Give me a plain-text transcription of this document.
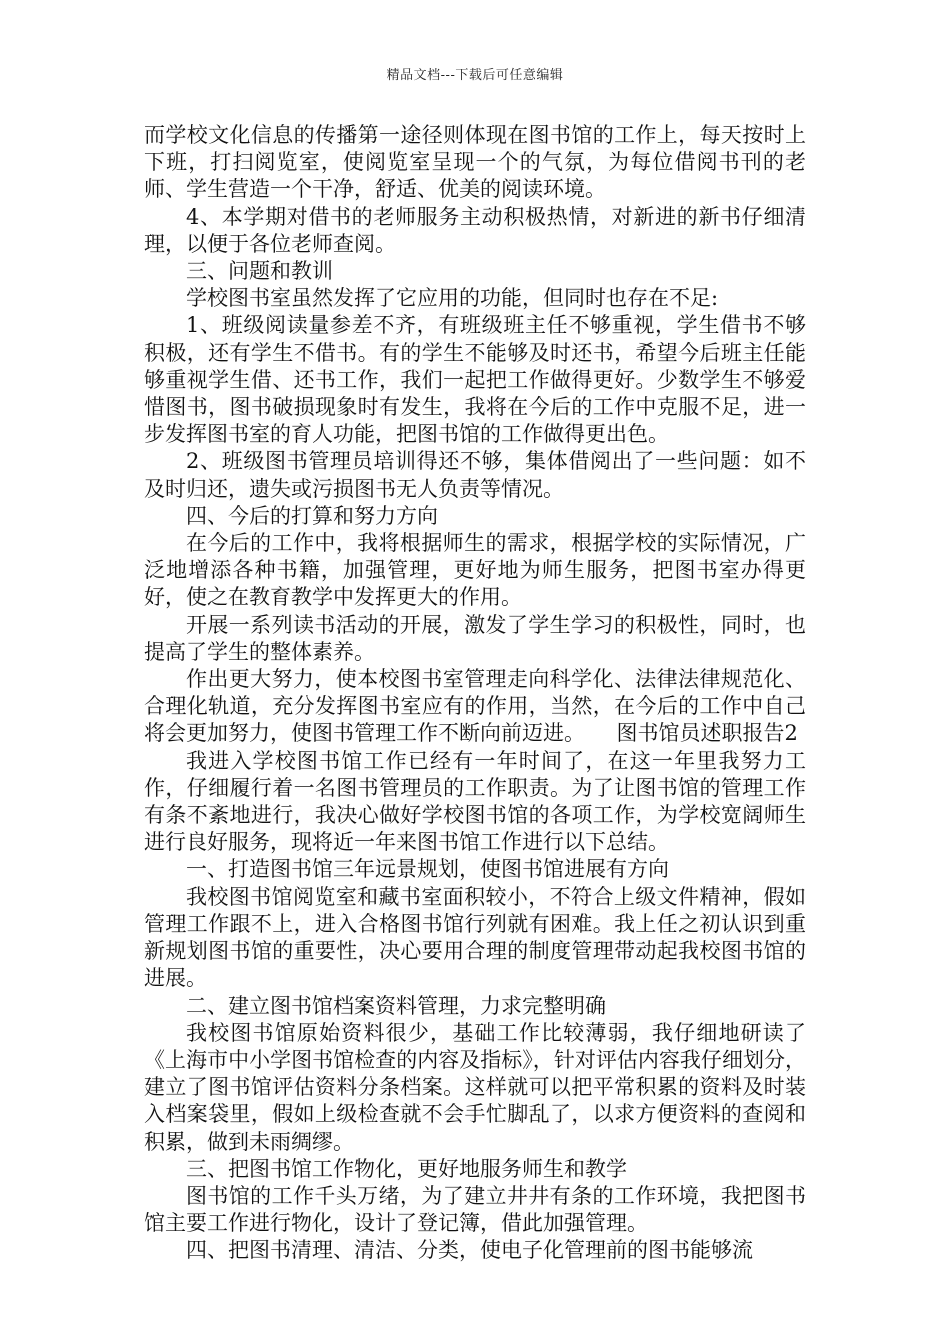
精品文档---下载后可任意编辑

而学校文化信息的传播第一途径则体现在图书馆的工作上，每天按时上下班，打扫阅览室，使阅览室呈现一个的气氛，为每位借阅书刊的老师、学生营造一个干净，舒适、优美的阅读环境。

4、本学期对借书的老师服务主动积极热情，对新进的新书仔细清理，以便于各位老师查阅。

三、问题和教训

学校图书室虽然发挥了它应用的功能，但同时也存在不足:

1、班级阅读量参差不齐，有班级班主任不够重视，学生借书不够积极，还有学生不借书。有的学生不能够及时还书，希望今后班主任能够重视学生借、还书工作，我们一起把工作做得更好。少数学生不够爱惜图书，图书破损现象时有发生，我将在今后的工作中克服不足，进一步发挥图书室的育人功能，把图书馆的工作做得更出色。

2、班级图书管理员培训得还不够，集体借阅出了一些问题：如不及时归还，遗失或污损图书无人负责等情况。

四、今后的打算和努力方向

在今后的工作中，我将根据师生的需求，根据学校的实际情况，广泛地增添各种书籍，加强管理，更好地为师生服务，把图书室办得更好，使之在教育教学中发挥更大的作用。

开展一系列读书活动的开展，激发了学生学习的积极性，同时，也提高了学生的整体素养。

作出更大努力，使本校图书室管理走向科学化、法律法律规范化、合理化轨道，充分发挥图书室应有的作用，当然，在今后的工作中自己将会更加努力，使图书管理工作不断向前迈进。　　图书馆员述职报告2

我进入学校图书馆工作已经有一年时间了，在这一年里我努力工作，仔细履行着一名图书管理员的工作职责。为了让图书馆的管理工作有条不紊地进行，我决心做好学校图书馆的各项工作，为学校宽阔师生进行良好服务，现将近一年来图书馆工作进行以下总结。

一、打造图书馆三年远景规划，使图书馆进展有方向

我校图书馆阅览室和藏书室面积较小，不符合上级文件精神，假如管理工作跟不上，进入合格图书馆行列就有困难。我上任之初认识到重新规划图书馆的重要性，决心要用合理的制度管理带动起我校图书馆的进展。

二、建立图书馆档案资料管理，力求完整明确

我校图书馆原始资料很少，基础工作比较薄弱，我仔细地研读了《上海市中小学图书馆检查的内容及指标》，针对评估内容我仔细划分，建立了图书馆评估资料分条档案。这样就可以把平常积累的资料及时装入档案袋里，假如上级检查就不会手忙脚乱了，以求方便资料的查阅和积累，做到未雨绸缪。

三、把图书馆工作物化，更好地服务师生和教学

图书馆的工作千头万绪，为了建立井井有条的工作环境，我把图书馆主要工作进行物化，设计了登记簿，借此加强管理。

四、把图书清理、清洁、分类，使电子化管理前的图书能够流
